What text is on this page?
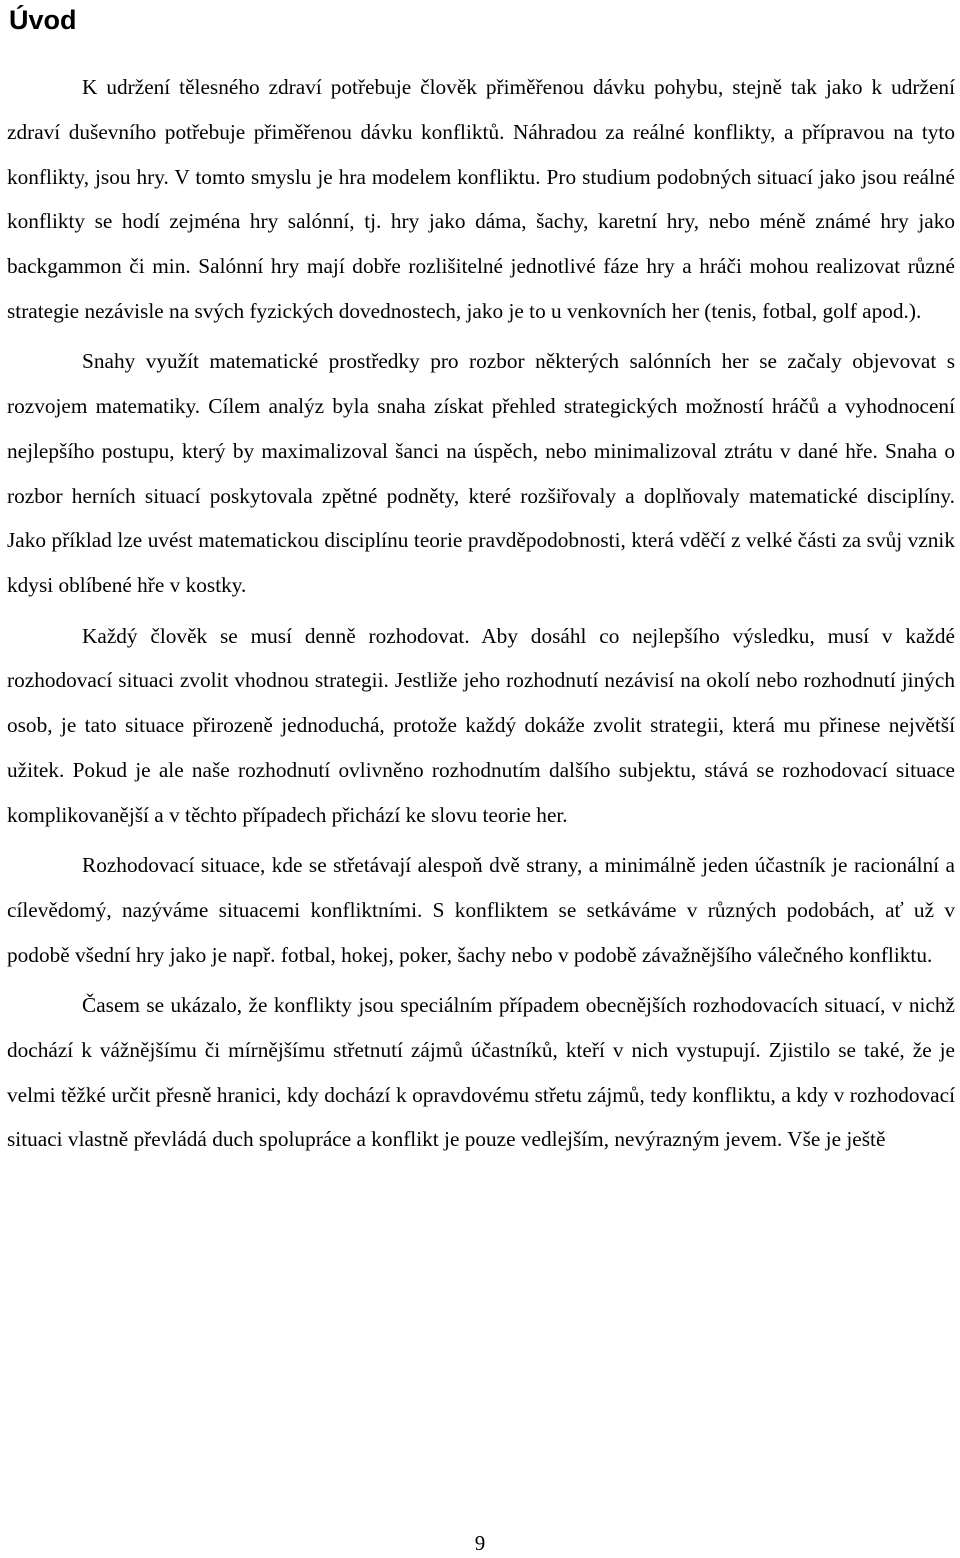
Úvod

K udržení tělesného zdraví potřebuje člověk přiměřenou dávku pohybu, stejně tak jako k udržení zdraví duševního potřebuje přiměřenou dávku konfliktů. Náhradou za reálné konflikty, a přípravou na tyto konflikty, jsou hry. V tomto smyslu je hra modelem konfliktu. Pro studium podobných situací jako jsou reálné konflikty se hodí zejména hry salónní, tj. hry jako dáma, šachy, karetní hry, nebo méně známé hry jako backgammon či min. Salónní hry mají dobře rozlišitelné jednotlivé fáze hry a hráči mohou realizovat různé strategie nezávisle na svých fyzických dovednostech, jako je to u venkovních her (tenis, fotbal, golf apod.).

Snahy využít matematické prostředky pro rozbor některých salónních her se začaly objevovat s rozvojem matematiky. Cílem analýz byla snaha získat přehled strategických možností hráčů a vyhodnocení nejlepšího postupu, který by maximalizoval šanci na úspěch, nebo minimalizoval ztrátu v dané hře. Snaha o rozbor herních situací poskytovala zpětné podněty, které rozšiřovaly a doplňovaly matematické disciplíny. Jako příklad lze uvést matematickou disciplínu teorie pravděpodobnosti, která vděčí z velké části za svůj vznik kdysi oblíbené hře v kostky.

Každý člověk se musí denně rozhodovat. Aby dosáhl co nejlepšího výsledku, musí v každé rozhodovací situaci zvolit vhodnou strategii. Jestliže jeho rozhodnutí nezávisí na okolí nebo rozhodnutí jiných osob, je tato situace přirozeně jednoduchá, protože každý dokáže zvolit strategii, která mu přinese největší užitek. Pokud je ale naše rozhodnutí ovlivněno rozhodnutím dalšího subjektu, stává se rozhodovací situace komplikovanější a v těchto případech přichází ke slovu teorie her.

Rozhodovací situace, kde se střetávají alespoň dvě strany, a minimálně jeden účastník je racionální a cílevědomý, nazýváme situacemi konfliktními. S konfliktem se setkáváme v různých podobách, ať už v podobě všední hry jako je např. fotbal, hokej, poker, šachy nebo v podobě závažnějšího válečného konfliktu.

Časem se ukázalo, že konflikty jsou speciálním případem obecnějších rozhodovacích situací, v nichž dochází k vážnějšímu či mírnějšímu střetnutí zájmů účastníků, kteří v nich vystupují. Zjistilo se také, že je velmi těžké určit přesně hranici, kdy dochází k opravdovému střetu zájmů, tedy konfliktu, a kdy v rozhodovací situaci vlastně převládá duch spolupráce a konflikt je pouze vedlejším, nevýrazným jevem. Vše je ještě

9
